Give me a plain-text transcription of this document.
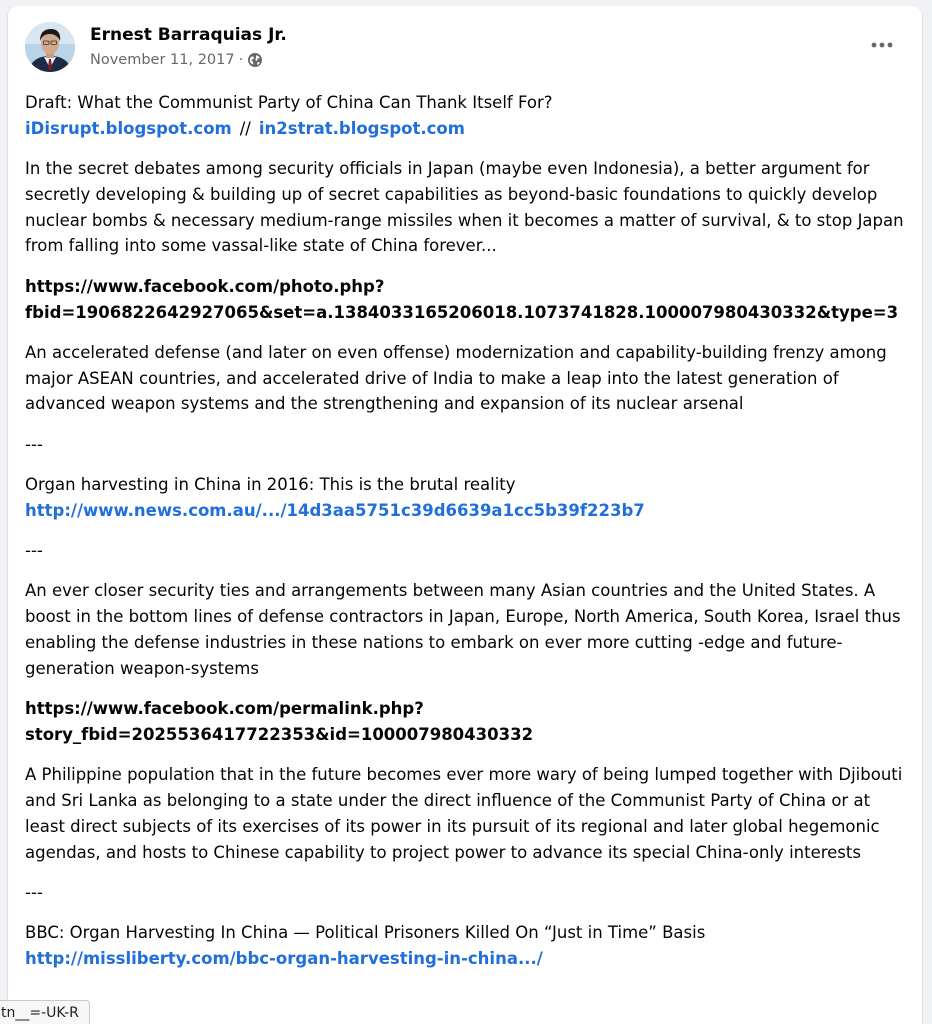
Ernest Barraquias Jr.
November 11, 2017 ·

Draft: What the Communist Party of China Can Thank Itself For?
iDisrupt.blogspot.com // in2strat.blogspot.com

In the secret debates among security officials in Japan (maybe even Indonesia), a better argument for secretly developing & building up of secret capabilities as beyond-basic foundations to quickly develop nuclear bombs & necessary medium-range missiles when it becomes a matter of survival, & to stop Japan from falling into some vassal-like state of China forever...

https://www.facebook.com/photo.php?
fbid=1906822642927065&set=a.1384033165206018.1073741828.100007980430332&type=3

An accelerated defense (and later on even offense) modernization and capability-building frenzy among major ASEAN countries, and accelerated drive of India to make a leap into the latest generation of advanced weapon systems and the strengthening and expansion of its nuclear arsenal

---

Organ harvesting in China in 2016: This is the brutal reality
http://www.news.com.au/.../14d3aa5751c39d6639a1cc5b39f223b7

---

An ever closer security ties and arrangements between many Asian countries and the United States. A boost in the bottom lines of defense contractors in Japan, Europe, North America, South Korea, Israel thus enabling the defense industries in these nations to embark on ever more cutting -edge and future-generation weapon-systems

https://www.facebook.com/permalink.php?
story_fbid=2025536417722353&id=100007980430332

A Philippine population that in the future becomes ever more wary of being lumped together with Djibouti and Sri Lanka as belonging to a state under the direct influence of the Communist Party of China or at least direct subjects of its exercises of its power in its pursuit of its regional and later global hegemonic agendas, and hosts to Chinese capability to project power to advance its special China-only interests

---

BBC: Organ Harvesting In China — Political Prisoners Killed On “Just in Time” Basis
http://missliberty.com/bbc-organ-harvesting-in-china.../

tn__=-UK-R
